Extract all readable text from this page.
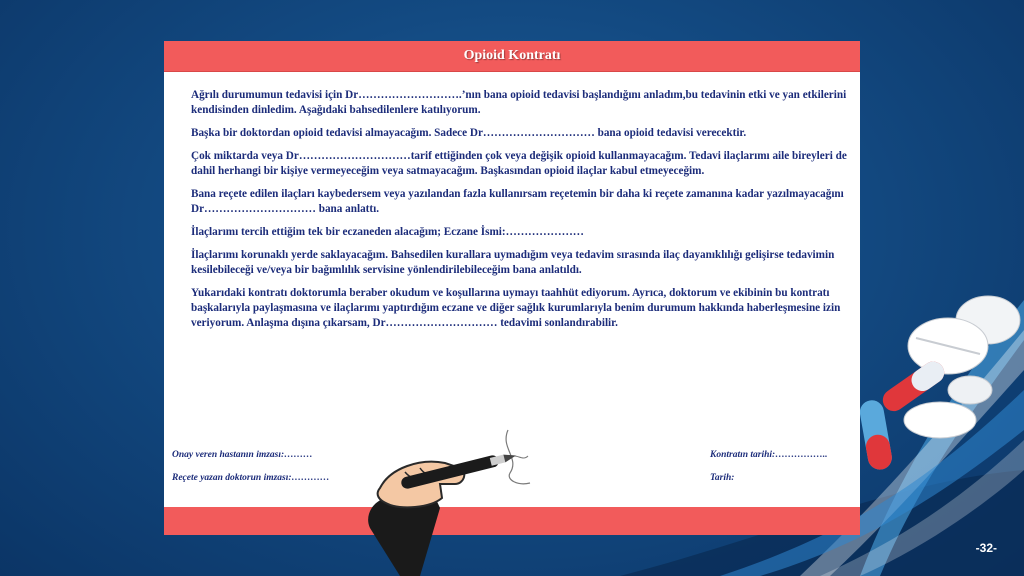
Opioid Kontratı

Ağrılı durumumun tedavisi için Dr……………………….’nın bana opioid tedavisi başlandığını anladım,bu tedavinin etki ve yan etkilerini kendisinden dinledim. Aşağıdaki bahsedilenlere katılıyorum.

Başka bir doktordan opioid tedavisi almayacağım. Sadece Dr………………………… bana opioid tedavisi verecektir.

Çok miktarda veya Dr…………………………tarif ettiğinden çok veya değişik opioid kullanmayacağım. Tedavi ilaçlarımı aile bireyleri de dahil herhangi bir kişiye vermeyeceğim veya satmayacağım. Başkasından opioid ilaçlar kabul etmeyeceğim.

Bana reçete edilen ilaçları kaybedersem veya yazılandan fazla kullanırsam reçetemin bir daha ki reçete zamanına kadar yazılmayacağını Dr………………………… bana anlattı.

İlaçlarımı tercih ettiğim tek bir eczaneden alacağım; Eczane İsmi:…………………

İlaçlarımı korunaklı yerde saklayacağım. Bahsedilen kurallara uymadığım veya tedavim sırasında ilaç dayanıklılığı gelişirse tedavimin kesilebileceği ve/veya bir bağımlılık servisine yönlendirilebileceğim bana anlatıldı.

Yukarıdaki kontratı doktorumla beraber okudum ve koşullarına uymayı taahhüt ediyorum. Ayrıca, doktorum ve ekibinin bu kontratı başkalarıyla paylaşmasına ve ilaçlarımı yaptırdığım eczane ve diğer sağlık kurumlarıyla benim durumum hakkında haberleşmesine izin veriyorum. Anlaşma dışına çıkarsam, Dr………………………… tedavimi sonlandırabilir.

Onay veren hastanın imzası:………
Reçete yazan doktorun imzası:…………
Kontratın tarihi:……………..
Tarih:
-32-
